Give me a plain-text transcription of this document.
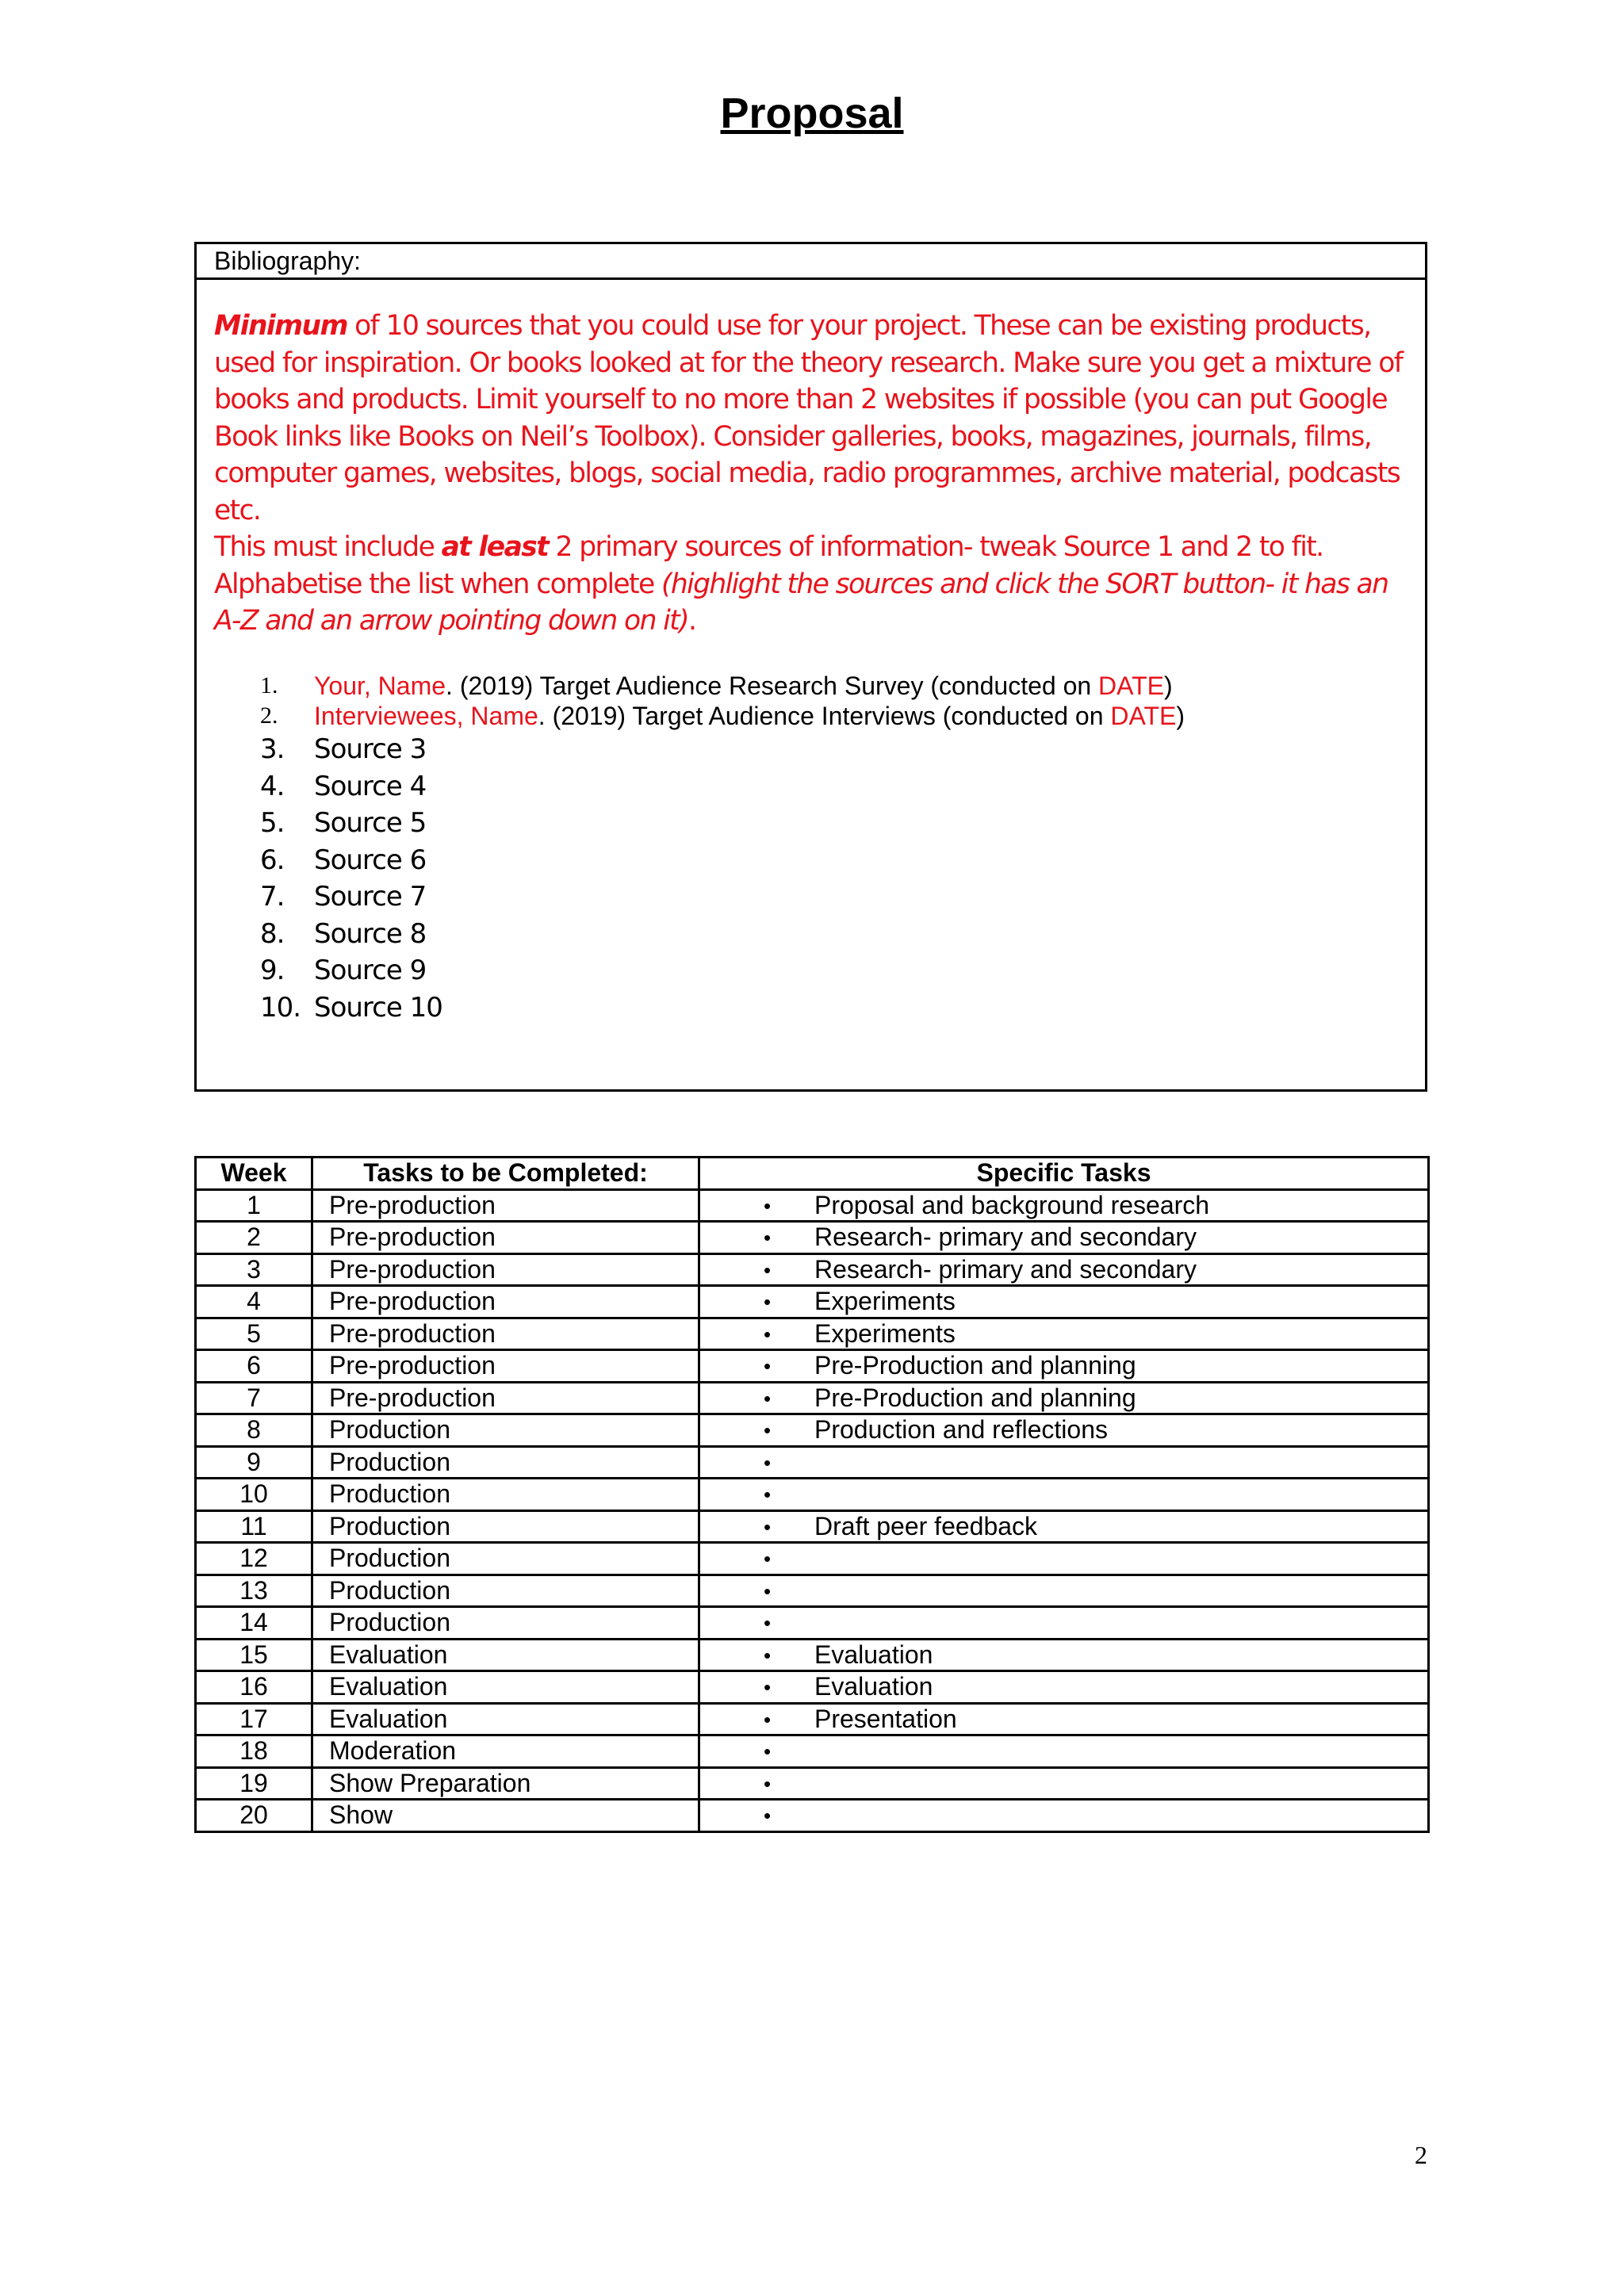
Proposal
Bibliography:
Minimum of 10 sources that you could use for your project. These can be existing products, used for inspiration. Or books looked at for the theory research. Make sure you get a mixture of books and products. Limit yourself to no more than 2 websites if possible (you can put Google Book links like Books on Neil’s Toolbox). Consider galleries, books, magazines, journals, films, computer games, websites, blogs, social media, radio programmes, archive material, podcasts etc.
This must include at least 2 primary sources of information- tweak Source 1 and 2 to fit.
Alphabetise the list when complete (highlight the sources and click the SORT button- it has an A-Z and an arrow pointing down on it).
1.	Your, Name. (2019) Target Audience Research Survey (conducted on DATE)
2.	Interviewees, Name. (2019) Target Audience Interviews (conducted on DATE)
3.	Source 3
4.	Source 4
5.	Source 5
6.	Source 6
7.	Source 7
8.	Source 8
9.	Source 9
10. Source 10
Week	Tasks to be Completed:	Specific Tasks
1	Pre-production	• Proposal and background research
2	Pre-production	• Research- primary and secondary
3	Pre-production	• Research- primary and secondary
4	Pre-production	• Experiments
5	Pre-production	• Experiments
6	Pre-production	• Pre-Production and planning
7	Pre-production	• Pre-Production and planning
8	Production	• Production and reflections
9	Production	•

10	Production	•

11	Production	• Draft peer feedback
12	Production	•

13	Production	•

14	Production	•

15	Evaluation	• Evaluation
16	Evaluation	• Evaluation
17	Evaluation	• Presentation
18	Moderation	•

19	Show Preparation	•

20	Show	•
2
